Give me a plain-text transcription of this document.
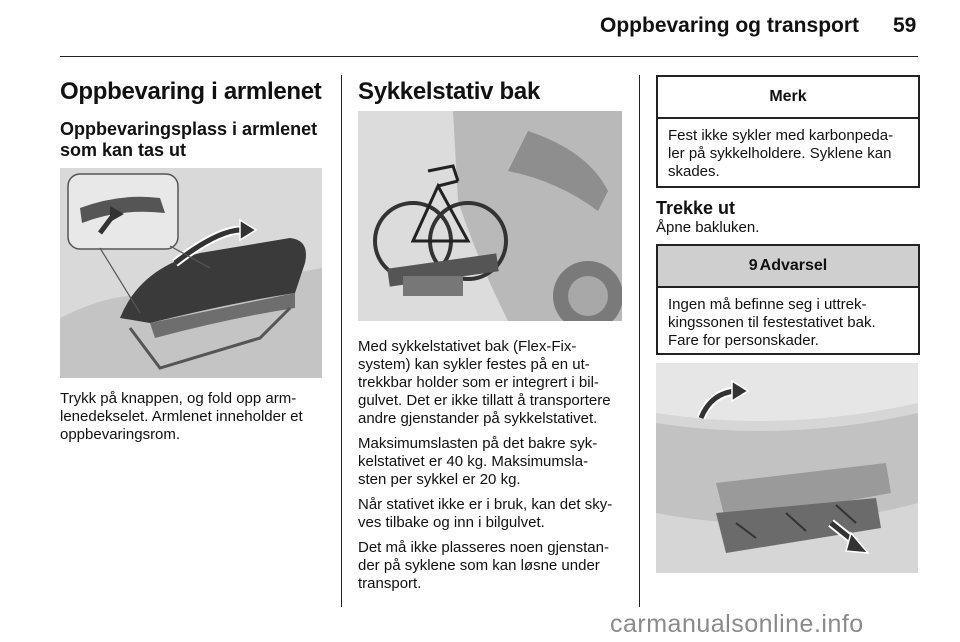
Oppbevaring og transport 59
Oppbevaring i armlenet
Oppbevaringsplass i armlenet
som kan tas ut
Trykk på knappen, og fold opp arm-
lenedekselet. Armlenet inneholder et
oppbevaringsrom.
Sykkelstativ bak

Med sykkelstativet bak (Flex-Fix-
system) kan sykler festes på en ut-
trekkbar holder som er integrert i bil-
gulvet. Det er ikke tillatt å transportere
andre gjenstander på sykkelstativet.

Maksimumslasten på det bakre syk-
kelstativet er 40 kg. Maksimumsla-
sten per sykkel er 20 kg.

Når stativet ikke er i bruk, kan det sky-
ves tilbake og inn i bilgulvet.

Det må ikke plasseres noen gjenstan-
der på syklene som kan løsne under
transport.

Merk
Fest ikke sykler med karbonpeda-
ler på sykkelholdere. Syklene kan
skades.
Trekke ut
Åpne bakluken.
9 Advarsel
Ingen må befinne seg i uttrek-
kingssonen til festestativet bak.
Fare for personskader.
carmanualsonline.info
